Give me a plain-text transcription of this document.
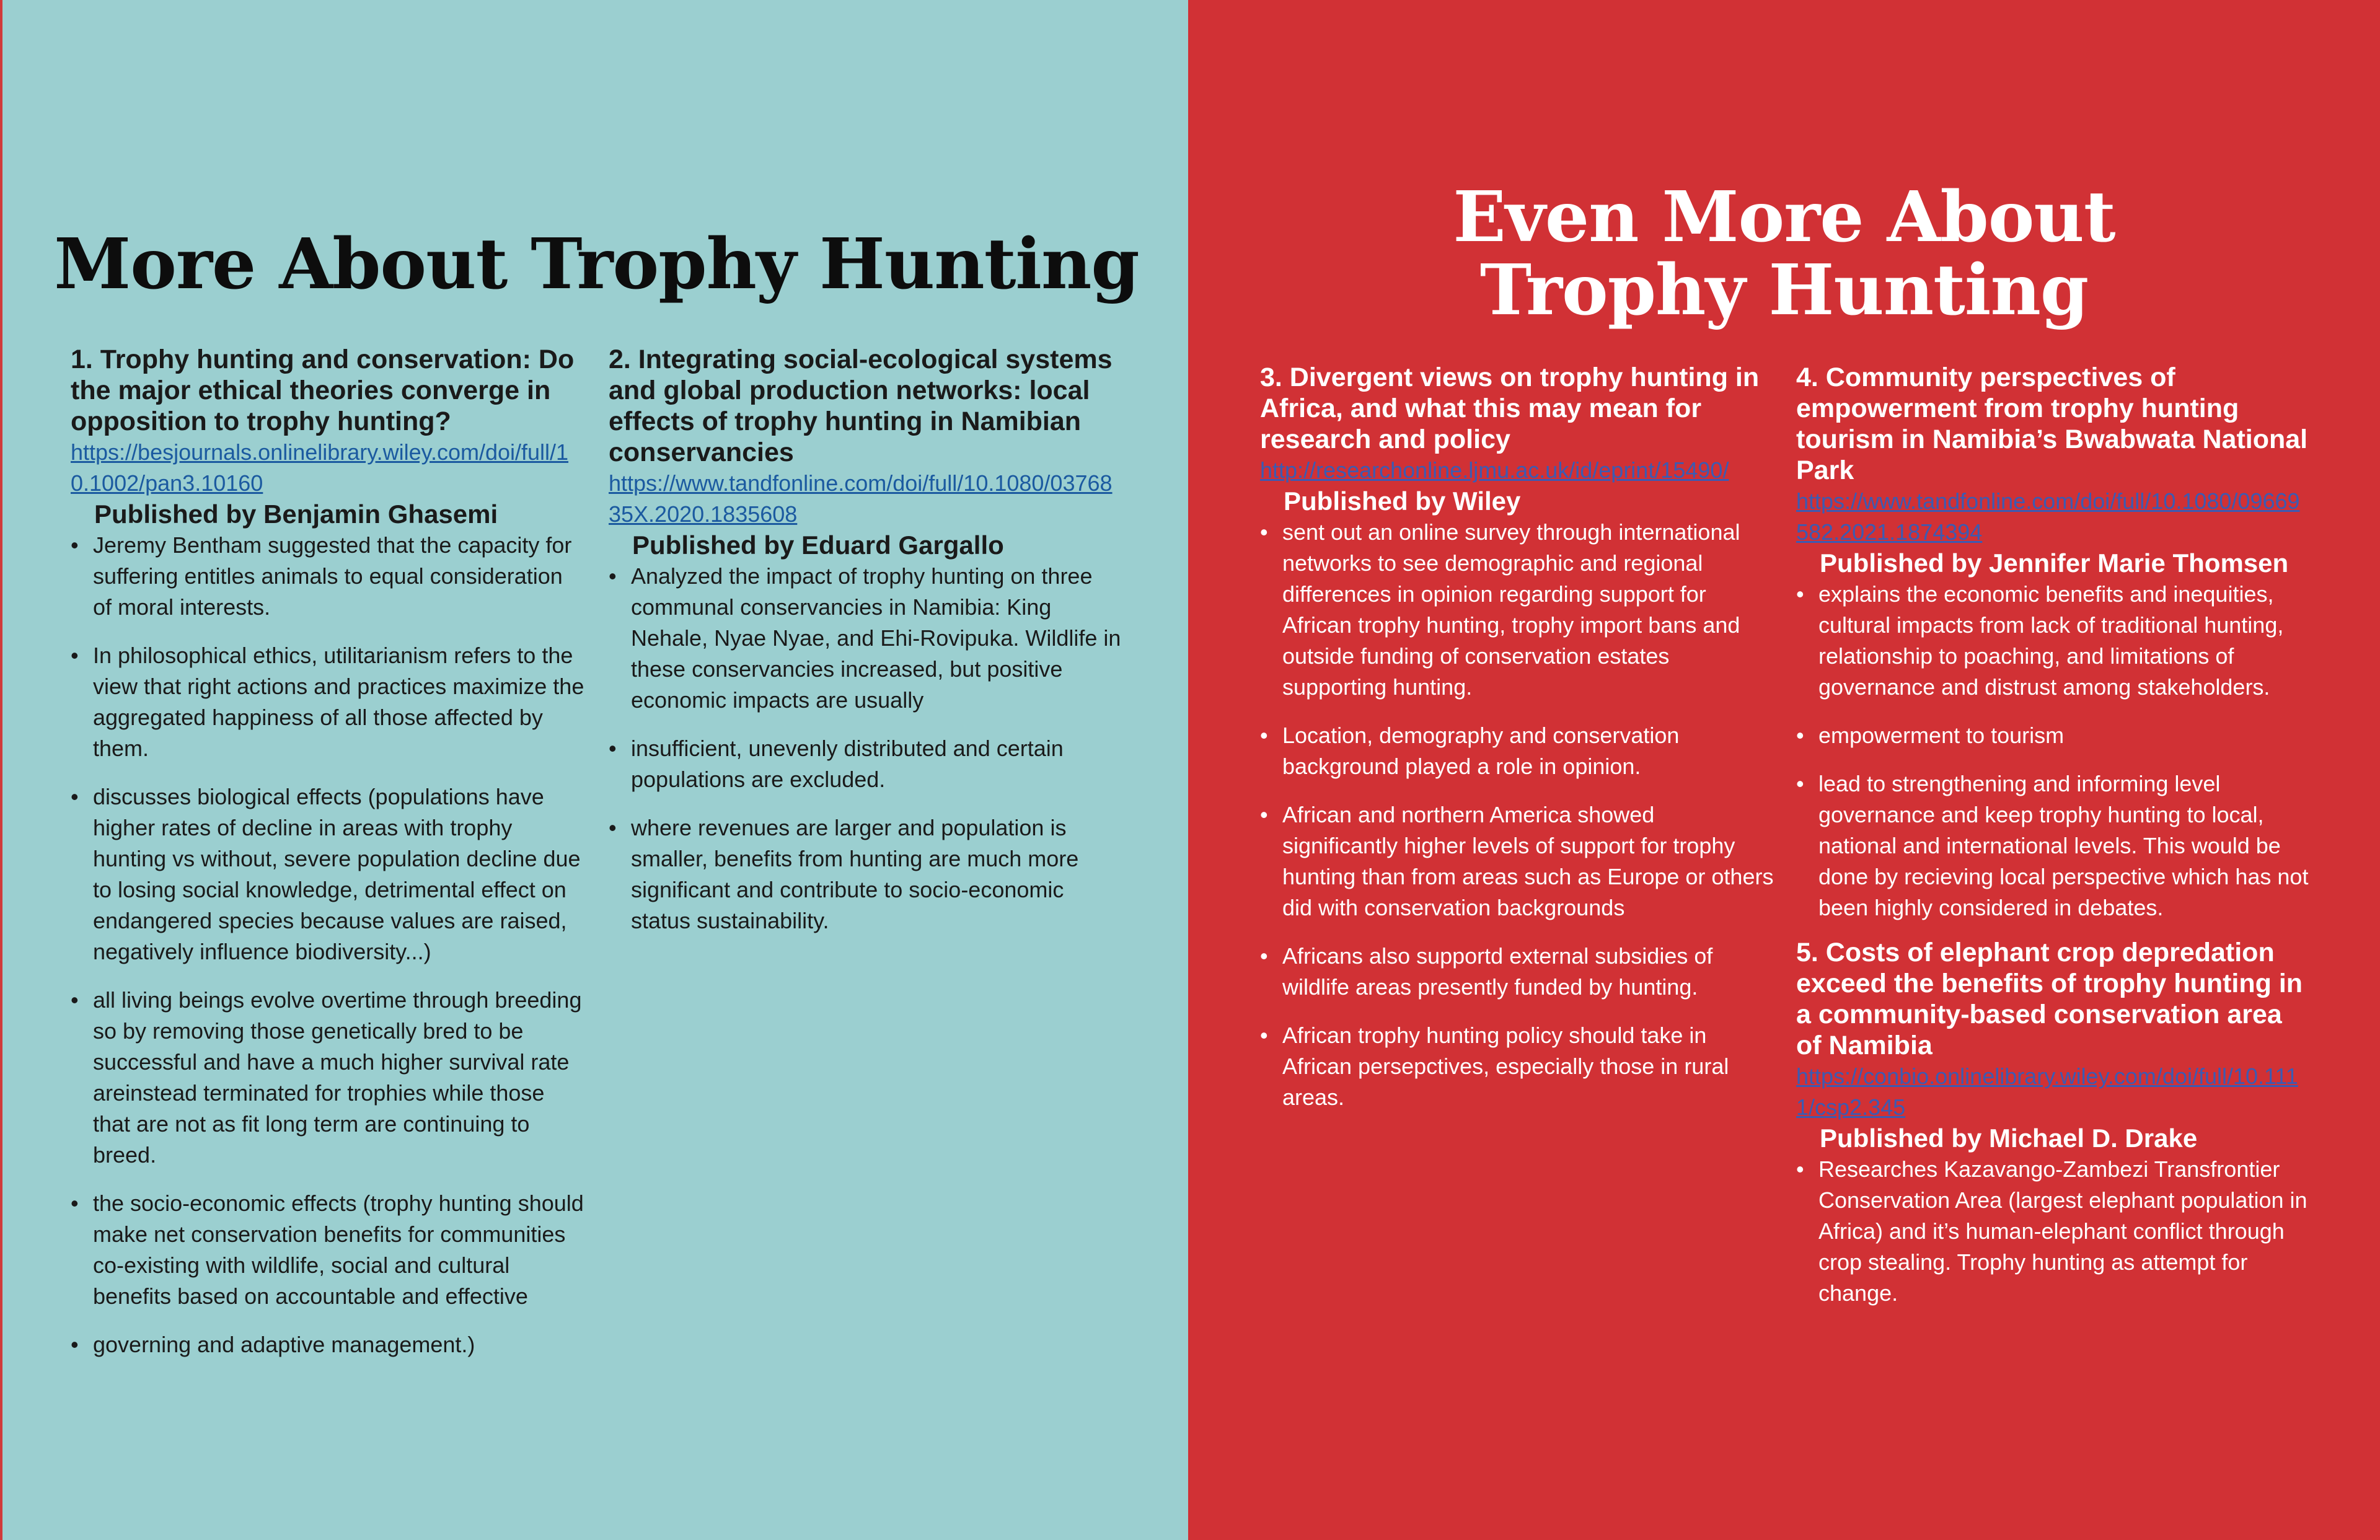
More About Trophy Hunting
1. Trophy hunting and conservation: Do the major ethical theories converge in opposition to trophy hunting?
https://besjournals.onlinelibrary.wiley.com/doi/full/10.1002/pan3.10160

Published by Benjamin Ghasemi

• Jeremy Bentham suggested that the capacity for suffering entitles animals to equal consideration of moral interests.
• In philosophical ethics, utilitarianism refers to the view that right actions and practices maximize the aggregated happiness of all those affected by them.
• discusses biological effects (populations have higher rates of decline in areas with trophy hunting vs without, severe population decline due to losing social knowledge, detrimental effect on endangered species because values are raised, negatively influence biodiversity...)
• all living beings evolve overtime through breeding so by removing those genetically bred to be successful and have a much higher survival rate areinstead terminated for trophies while those that are not as fit long term are continuing to breed.
• the socio-economic effects (trophy hunting should make net conservation benefits for communities co-existing with wildlife, social and cultural benefits based on accountable and effective
• governing and adaptive management.)
2. Integrating social-ecological systems and global production networks: local effects of trophy hunting in Namibian conservancies
https://www.tandfonline.com/doi/full/10.1080/0376835X.2020.1835608

Published by Eduard Gargallo

• Analyzed the impact of trophy hunting on three communal conservancies in Namibia: King Nehale, Nyae Nyae, and Ehi-Rovipuka. Wildlife in these conservancies increased, but positive economic impacts are usually
• insufficient, unevenly distributed and certain populations are excluded.
• where revenues are larger and population is smaller, benefits from hunting are much more significant and contribute to socio-economic status sustainability.
Even More About
Trophy Hunting
3. Divergent views on trophy hunting in Africa, and what this may mean for research and policy
http://researchonline.ljmu.ac.uk/id/eprint/15490/

Published by Wiley

• sent out an online survey through international networks to see demographic and regional differences in opinion regarding support for African trophy hunting, trophy import bans and outside funding of conservation estates supporting hunting.
• Location, demography and conservation background played a role in opinion.
• African and northern America showed significantly higher levels of support for trophy hunting than from areas such as Europe or others did with conservation backgrounds
• Africans also supportd external subsidies of wildlife areas presently funded by hunting.
• African trophy hunting policy should take in African persepctives, especially those in rural areas.
4. Community perspectives of empowerment from trophy hunting tourism in Namibia’s Bwabwata National Park
https://www.tandfonline.com/doi/full/10.1080/09669582.2021.1874394

Published by Jennifer Marie Thomsen

• explains the economic benefits and inequities, cultural impacts from lack of traditional hunting, relationship to poaching, and limitations of governance and distrust among stakeholders.
• empowerment to tourism
• lead to strengthening and informing level governance and keep trophy hunting to local, national and international levels. This would be done by recieving local perspective which has not been highly considered in debates.
5. Costs of elephant crop depredation exceed the benefits of trophy hunting in a community-based conservation area of Namibia
https://conbio.onlinelibrary.wiley.com/doi/full/10.1111/csp2.345

Published by Michael D. Drake

• Researches Kazavango-Zambezi Transfrontier Conservation Area (largest elephant population in Africa) and it’s human-elephant conflict through crop stealing. Trophy hunting as attempt for change.
